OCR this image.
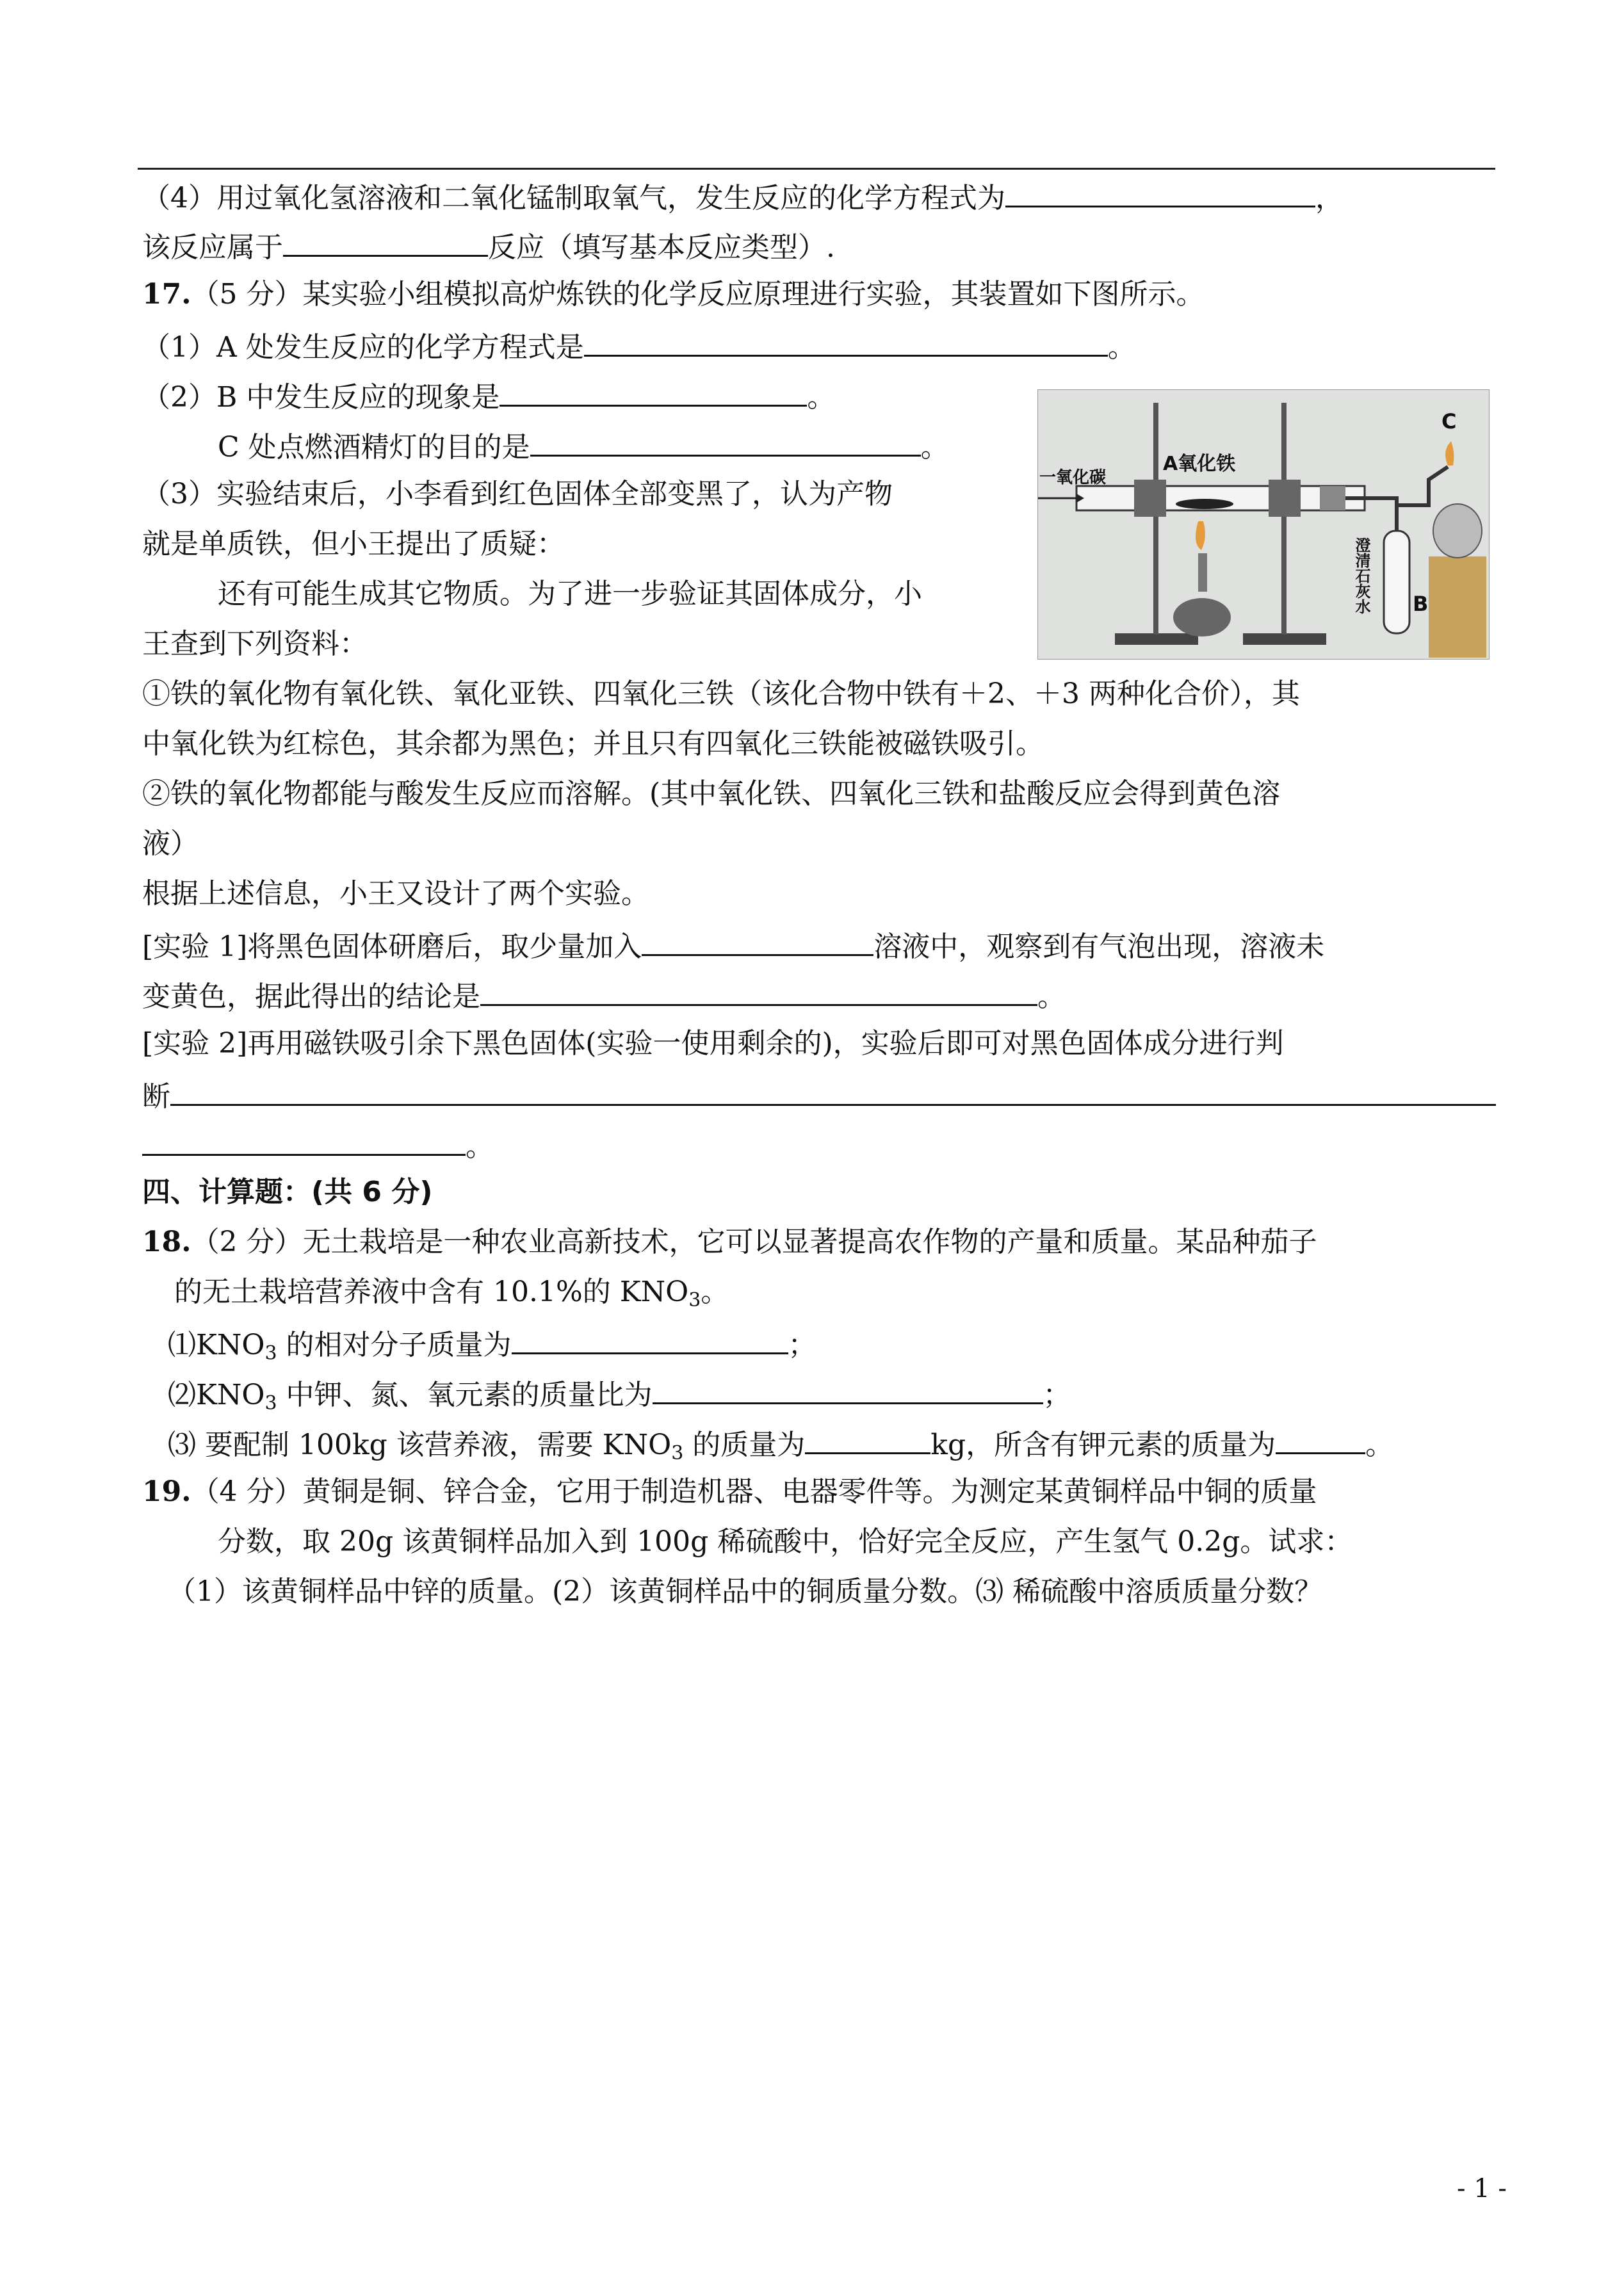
（4）用过氧化氢溶液和二氧化锰制取氧气，发生反应的化学方程式为	，
该反应属于	反应（填写基本反应类型）.
17.（5 分）某实验小组模拟高炉炼铁的化学反应原理进行实验，其装置如下图所示。
（1）A 处发生反应的化学方程式是	。
（2）B 中发生反应的现象是	。
C 处点燃酒精灯的目的是	。
（3）实验结束后，小李看到红色固体全部变黑了，认为产物
就是单质铁，但小王提出了质疑：
还有可能生成其它物质。为了进一步验证其固体成分，小
王查到下列资料：
一氧化碳
A氧化铁
C
B
澄清石灰水
①铁的氧化物有氧化铁、氧化亚铁、四氧化三铁（该化合物中铁有＋2、＋3 两种化合价），其
中氧化铁为红棕色，其余都为黑色；并且只有四氧化三铁能被磁铁吸引。
②铁的氧化物都能与酸发生反应而溶解。(其中氧化铁、四氧化三铁和盐酸反应会得到黄色溶
液）
根据上述信息，小王又设计了两个实验。
[实验 1]将黑色固体研磨后，取少量加入	溶液中，观察到有气泡出现，溶液未
变黄色，据此得出的结论是	。
[实验 2]再用磁铁吸引余下黑色固体(实验一使用剩余的)，实验后即可对黑色固体成分进行判
断
。
四、计算题：(共 6 分)
18.（2 分）无土栽培是一种农业高新技术，它可以显著提高农作物的产量和质量。某品种茄子
的无土栽培营养液中含有 10.1%的 $KNO_3$。
$⑴KNO_3$ 的相对分子质量为	；
$⑵KNO_3$ 中钾、氮、氧元素的质量比为	；
⑶ 要配制 100kg 该营养液，需要 $KNO_3$ 的质量为	kg，所含有钾元素的质量为	。
19.（4 分）黄铜是铜、锌合金，它用于制造机器、电器零件等。为测定某黄铜样品中铜的质量
分数，取 20g 该黄铜样品加入到 100g 稀硫酸中，恰好完全反应，产生氢气 0.2g。试求：
（1）该黄铜样品中锌的质量。(2）该黄铜样品中的铜质量分数。⑶ 稀硫酸中溶质质量分数？
- 1 -
